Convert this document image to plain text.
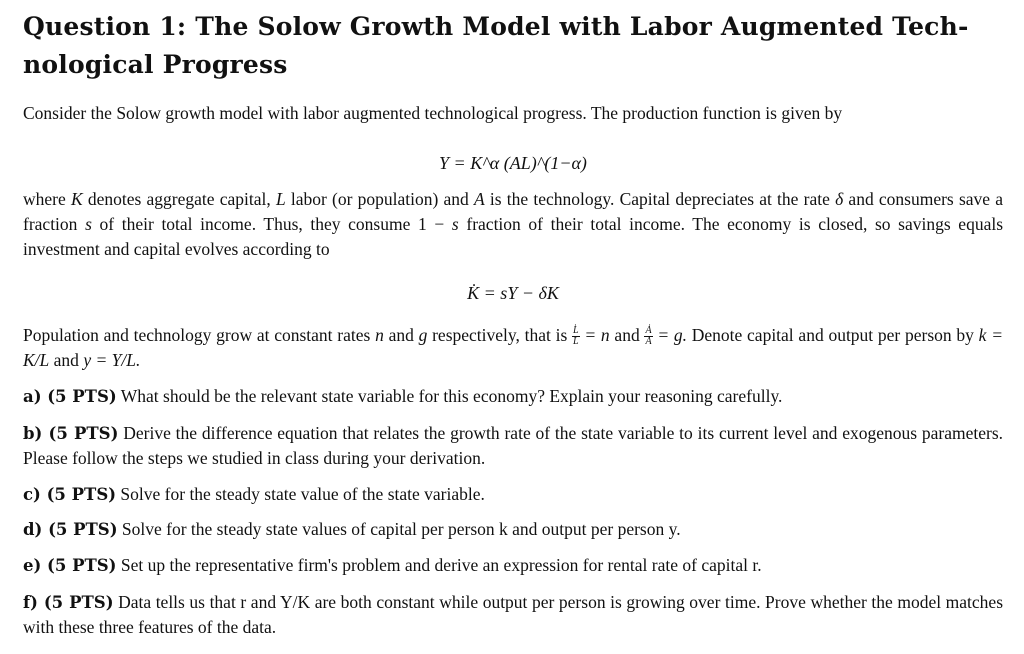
Question 1: The Solow Growth Model with Labor Augmented Tech-nological Progress
Consider the Solow growth model with labor augmented technological progress. The production function is given by
Y = K^α (AL)^(1−α)
where K denotes aggregate capital, L labor (or population) and A is the technology. Capital depreciates at the rate δ and consumers save a fraction s of their total income. Thus, they consume 1 − s fraction of their total income. The economy is closed, so savings equals investment and capital evolves according to
K̇ = sY − δK
Population and technology grow at constant rates n and g respectively, that is $\frac{L̇}{L} = n$ and $\frac{Ȧ}{A} = g$. Denote capital and output per person by k = K/L and y = Y/L.
a) (5 PTS) What should be the relevant state variable for this economy? Explain your reasoning carefully.
b) (5 PTS) Derive the difference equation that relates the growth rate of the state variable to its current level and exogenous parameters. Please follow the steps we studied in class during your derivation.
c) (5 PTS) Solve for the steady state value of the state variable.
d) (5 PTS) Solve for the steady state values of capital per person k and output per person y.
e) (5 PTS) Set up the representative firm's problem and derive an expression for rental rate of capital r.
f) (5 PTS) Data tells us that r and Y/K are both constant while output per person is growing over time. Prove whether the model matches with these three features of the data.
